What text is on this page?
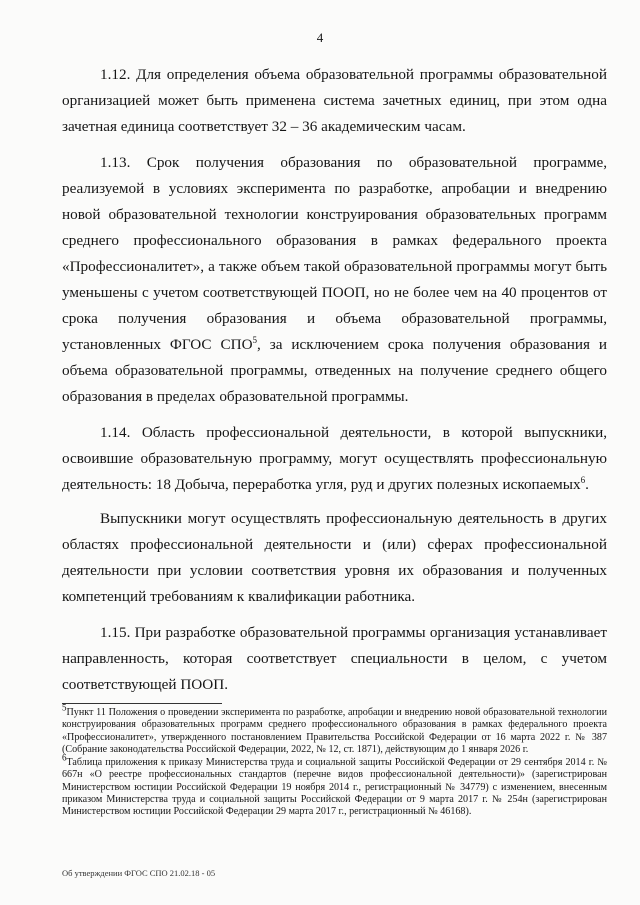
4

1.12. Для определения объема образовательной программы образовательной организацией может быть применена система зачетных единиц, при этом одна зачетная единица соответствует 32 – 36 академическим часам.

1.13. Срок получения образования по образовательной программе, реализуемой в условиях эксперимента по разработке, апробации и внедрению новой образовательной технологии конструирования образовательных программ среднего профессионального образования в рамках федерального проекта «Профессионалитет», а также объем такой образовательной программы могут быть уменьшены с учетом соответствующей ПООП, но не более чем на 40 процентов от срока получения образования и объема образовательной программы, установленных ФГОС СПО$^5$, за исключением срока получения образования и объема образовательной программы, отведенных на получение среднего общего образования в пределах образовательной программы.

1.14. Область профессиональной деятельности, в которой выпускники, освоившие образовательную программу, могут осуществлять профессиональную деятельность: 18 Добыча, переработка угля, руд и других полезных ископаемых$^6$.

Выпускники могут осуществлять профессиональную деятельность в других областях профессиональной деятельности и (или) сферах профессиональной деятельности при условии соответствия уровня их образования и полученных компетенций требованиям к квалификации работника.

1.15. При разработке образовательной программы организация устанавливает направленность, которая соответствует специальности в целом, с учетом соответствующей ПООП.

$^5$Пункт 11 Положения о проведении эксперимента по разработке, апробации и внедрению новой образовательной технологии конструирования образовательных программ среднего профессионального образования в рамках федерального проекта «Профессионалитет», утвержденного постановлением Правительства Российской Федерации от 16 марта 2022 г. № 387 (Собрание законодательства Российской Федерации, 2022, № 12, ст. 1871), действующим до 1 января 2026 г.

$^6$Таблица приложения к приказу Министерства труда и социальной защиты Российской Федерации от 29 сентября 2014 г. № 667н «О реестре профессиональных стандартов (перечне видов профессиональной деятельности)» (зарегистрирован Министерством юстиции Российской Федерации 19 ноября 2014 г., регистрационный № 34779) с изменением, внесенным приказом Министерства труда и социальной защиты Российской Федерации от 9 марта 2017 г. № 254н (зарегистрирован Министерством юстиции Российской Федерации 29 марта 2017 г., регистрационный № 46168).

Об утверждении ФГОС СПО 21.02.18 - 05
